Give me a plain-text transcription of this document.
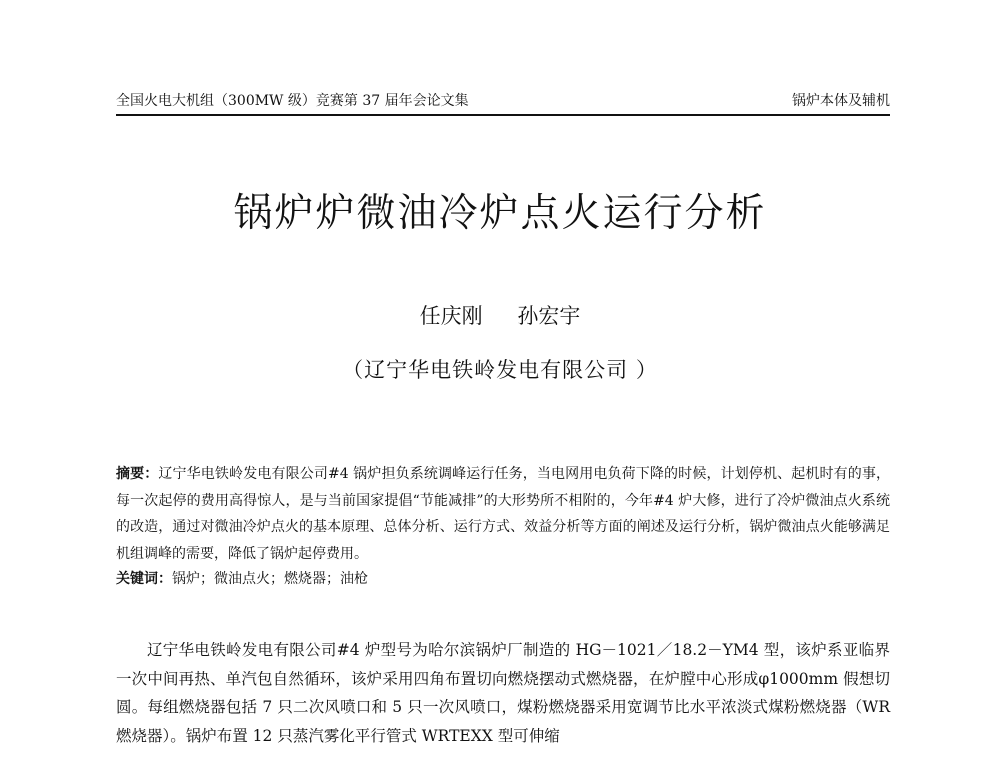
全国火电大机组（300MW 级）竞赛第 37 届年会论文集	锅炉本体及辅机
锅炉炉微油冷炉点火运行分析
任庆刚 孙宏宇
（辽宁华电铁岭发电有限公司 ）
摘要：辽宁华电铁岭发电有限公司#4 锅炉担负系统调峰运行任务，当电网用电负荷下降的时候，计划停机、起机时有的事，每一次起停的费用高得惊人，是与当前国家提倡“节能减排”的大形势所不相附的，今年#4 炉大修，进行了冷炉微油点火系统的改造，通过对微油冷炉点火的基本原理、总体分析、运行方式、效益分析等方面的阐述及运行分析，锅炉微油点火能够满足机组调峰的需要，降低了锅炉起停费用。
关键词：锅炉 ； 微油点火 ； 燃烧器 ； 油枪
辽宁华电铁岭发电有限公司#4 炉型号为哈尔滨锅炉厂制造的 HG－1021／18.2－YM4 型，该炉系亚临界一次中间再热、单汽包自然循环，该炉采用四角布置切向燃烧摆动式燃烧器，在炉膛中心形成φ1000mm 假想切圆。每组燃烧器包括 7 只二次风喷口和 5 只一次风喷口，煤粉燃烧器采用宽调节比水平浓淡式煤粉燃烧器（WR 燃烧器）。锅炉布置 12 只蒸汽雾化平行管式 WRTEXX 型可伸缩
